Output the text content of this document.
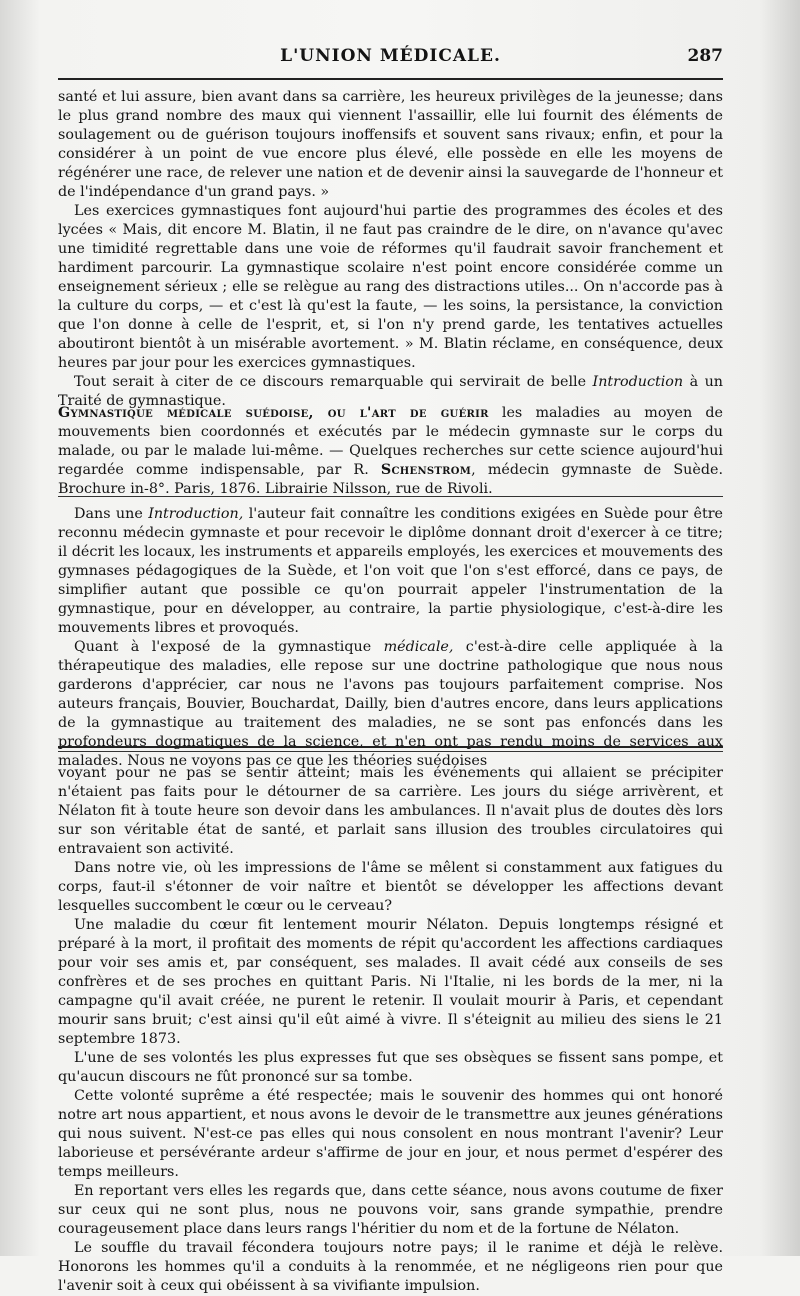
L'UNION MÉDICALE.	287

santé et lui assure, bien avant dans sa carrière, les heureux privilèges de la jeunesse; dans le plus grand nombre des maux qui viennent l'assaillir, elle lui fournit des éléments de soulagement ou de guérison toujours inoffensifs et souvent sans rivaux; enfin, et pour la considérer à un point de vue encore plus élevé, elle possède en elle les moyens de régénérer une race, de relever une nation et de devenir ainsi la sauvegarde de l'honneur et de l'indépendance d'un grand pays. »

Les exercices gymnastiques font aujourd'hui partie des programmes des écoles et des lycées « Mais, dit encore M. Blatin, il ne faut pas craindre de le dire, on n'avance qu'avec une timidité regrettable dans une voie de réformes qu'il faudrait savoir franchement et hardiment parcourir. La gymnastique scolaire n'est point encore considérée comme un enseignement sérieux ; elle se relègue au rang des distractions utiles... On n'accorde pas à la culture du corps, — et c'est là qu'est la faute, — les soins, la persistance, la conviction que l'on donne à celle de l'esprit, et, si l'on n'y prend garde, les tentatives actuelles aboutiront bientôt à un misérable avortement. » M. Blatin réclame, en conséquence, deux heures par jour pour les exercices gymnastiques.

Tout serait à citer de ce discours remarquable qui servirait de belle Introduction à un Traité de gymnastique.

Gymnastique médicale suédoise, ou l'art de guérir les maladies au moyen de mouvements bien coordonnés et exécutés par le médecin gymnaste sur le corps du malade, ou par le malade lui-même. — Quelques recherches sur cette science aujourd'hui regardée comme indispensable, par R. Schenstrom, médecin gymnaste de Suède. Brochure in-8°. Paris, 1876. Librairie Nilsson, rue de Rivoli.

Dans une Introduction, l'auteur fait connaître les conditions exigées en Suède pour être reconnu médecin gymnaste et pour recevoir le diplôme donnant droit d'exercer à ce titre; il décrit les locaux, les instruments et appareils employés, les exercices et mouvements des gymnases pédagogiques de la Suède, et l'on voit que l'on s'est efforcé, dans ce pays, de simplifier autant que possible ce qu'on pourrait appeler l'instrumentation de la gymnastique, pour en développer, au contraire, la partie physiologique, c'est-à-dire les mouvements libres et provoqués.

Quant à l'exposé de la gymnastique médicale, c'est-à-dire celle appliquée à la thérapeutique des maladies, elle repose sur une doctrine pathologique que nous nous garderons d'apprécier, car nous ne l'avons pas toujours parfaitement comprise. Nos auteurs français, Bouvier, Bouchardat, Dailly, bien d'autres encore, dans leurs applications de la gymnastique au traitement des maladies, ne se sont pas enfoncés dans les profondeurs dogmatiques de la science, et n'en ont pas rendu moins de services aux malades. Nous ne voyons pas ce que les théories suédoises

voyant pour ne pas se sentir atteint; mais les événements qui allaient se précipiter n'étaient pas faits pour le détourner de sa carrière. Les jours du siége arrivèrent, et Nélaton fit à toute heure son devoir dans les ambulances. Il n'avait plus de doutes dès lors sur son véritable état de santé, et parlait sans illusion des troubles circulatoires qui entravaient son activité.

Dans notre vie, où les impressions de l'âme se mêlent si constamment aux fatigues du corps, faut-il s'étonner de voir naître et bientôt se développer les affections devant lesquelles succombent le cœur ou le cerveau?

Une maladie du cœur fit lentement mourir Nélaton. Depuis longtemps résigné et préparé à la mort, il profitait des moments de répit qu'accordent les affections cardiaques pour voir ses amis et, par conséquent, ses malades. Il avait cédé aux conseils de ses confrères et de ses proches en quittant Paris. Ni l'Italie, ni les bords de la mer, ni la campagne qu'il avait créée, ne purent le retenir. Il voulait mourir à Paris, et cependant mourir sans bruit; c'est ainsi qu'il eût aimé à vivre. Il s'éteignit au milieu des siens le 21 septembre 1873.

L'une de ses volontés les plus expresses fut que ses obsèques se fissent sans pompe, et qu'aucun discours ne fût prononcé sur sa tombe.

Cette volonté suprême a été respectée; mais le souvenir des hommes qui ont honoré notre art nous appartient, et nous avons le devoir de le transmettre aux jeunes générations qui nous suivent. N'est-ce pas elles qui nous consolent en nous montrant l'avenir? Leur laborieuse et persévérante ardeur s'affirme de jour en jour, et nous permet d'espérer des temps meilleurs.

En reportant vers elles les regards que, dans cette séance, nous avons coutume de fixer sur ceux qui ne sont plus, nous ne pouvons voir, sans grande sympathie, prendre courageusement place dans leurs rangs l'héritier du nom et de la fortune de Nélaton.

Le souffle du travail fécondera toujours notre pays; il le ranime et déjà le relève. Honorons les hommes qu'il a conduits à la renommée, et ne négligeons rien pour que l'avenir soit à ceux qui obéissent à sa vivifiante impulsion.
